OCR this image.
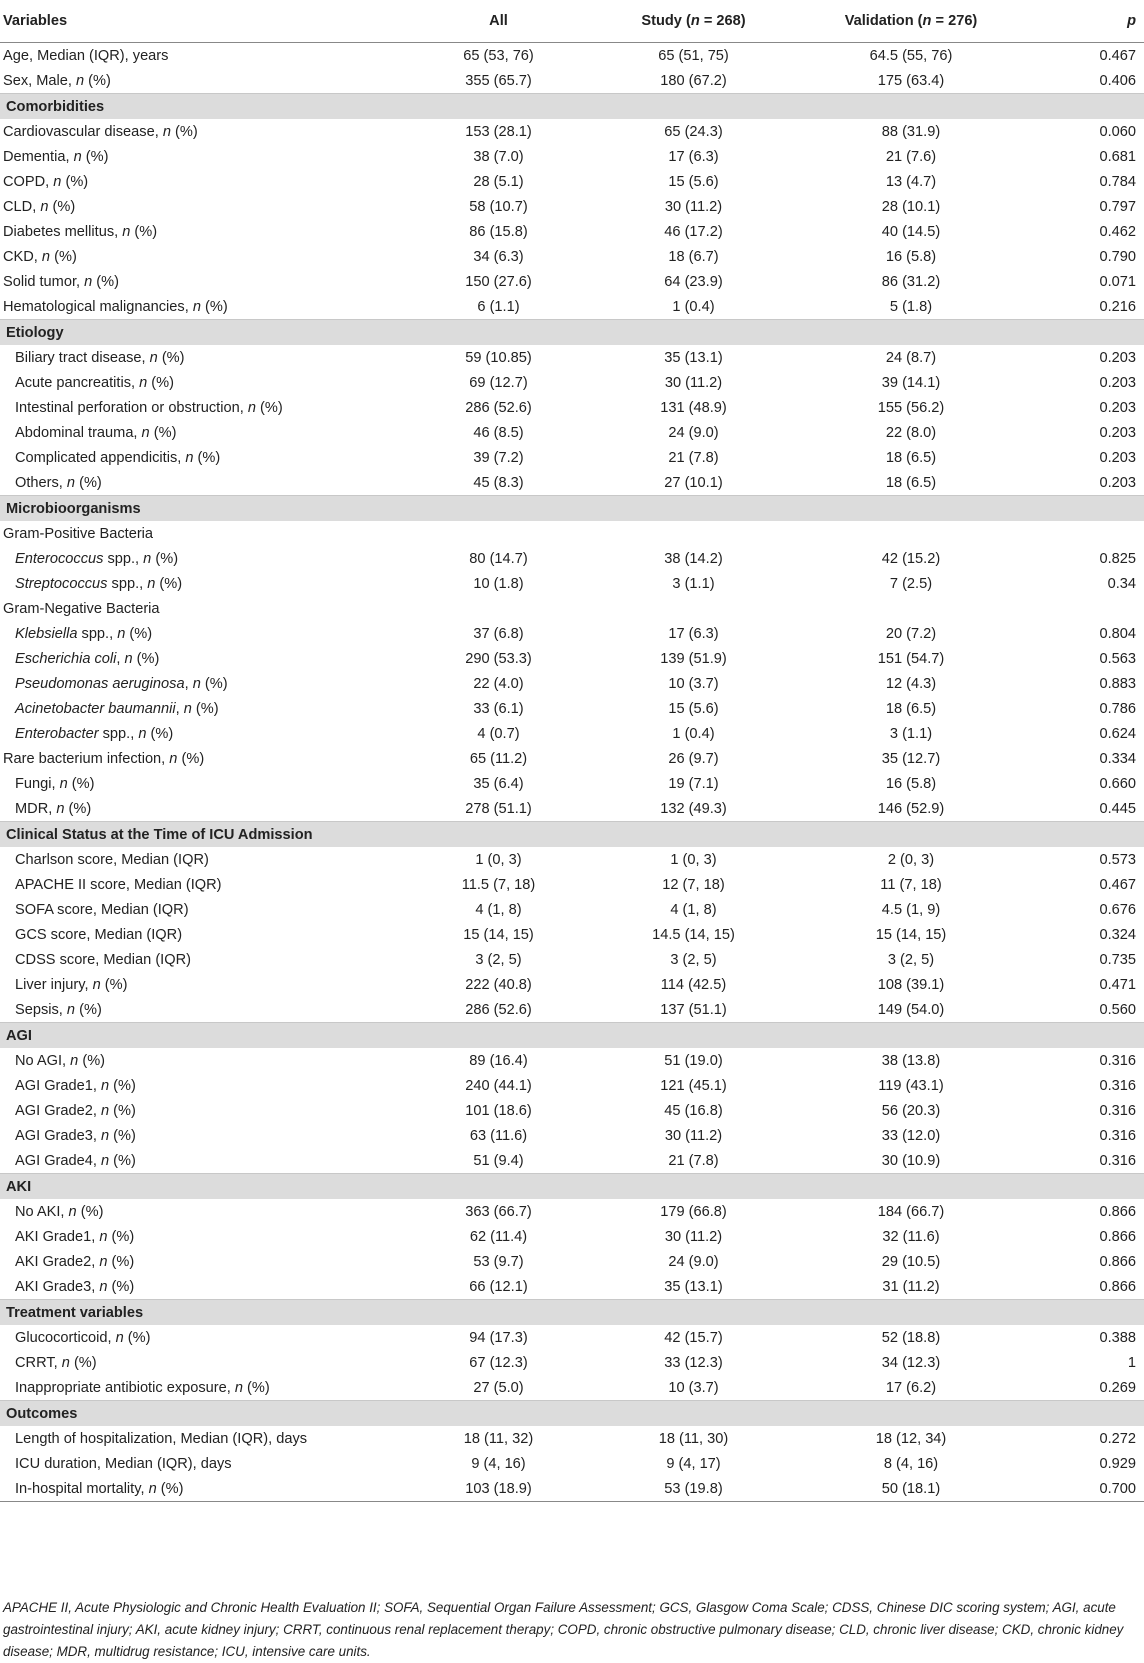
Variables	All	Study (n = 268)	Validation (n = 276)	p
Age, Median (IQR), years	65 (53, 76)	65 (51, 75)	64.5 (55, 76)	0.467
Sex, Male, n (%)	355 (65.7)	180 (67.2)	175 (63.4)	0.406
Comorbidities				
Cardiovascular disease, n (%)	153 (28.1)	65 (24.3)	88 (31.9)	0.060
Dementia, n (%)	38 (7.0)	17 (6.3)	21 (7.6)	0.681
COPD, n (%)	28 (5.1)	15 (5.6)	13 (4.7)	0.784
CLD, n (%)	58 (10.7)	30 (11.2)	28 (10.1)	0.797
Diabetes mellitus, n (%)	86 (15.8)	46 (17.2)	40 (14.5)	0.462
CKD, n (%)	34 (6.3)	18 (6.7)	16 (5.8)	0.790
Solid tumor, n (%)	150 (27.6)	64 (23.9)	86 (31.2)	0.071
Hematological malignancies, n (%)	6 (1.1)	1 (0.4)	5 (1.8)	0.216
Etiology				
Biliary tract disease, n (%)	59 (10.85)	35 (13.1)	24 (8.7)	0.203
Acute pancreatitis, n (%)	69 (12.7)	30 (11.2)	39 (14.1)	0.203
Intestinal perforation or obstruction, n (%)	286 (52.6)	131 (48.9)	155 (56.2)	0.203
Abdominal trauma, n (%)	46 (8.5)	24 (9.0)	22 (8.0)	0.203
Complicated appendicitis, n (%)	39 (7.2)	21 (7.8)	18 (6.5)	0.203
Others, n (%)	45 (8.3)	27 (10.1)	18 (6.5)	0.203
Microbioorganisms				
Gram-Positive Bacteria				
Enterococcus spp., n (%)	80 (14.7)	38 (14.2)	42 (15.2)	0.825
Streptococcus spp., n (%)	10 (1.8)	3 (1.1)	7 (2.5)	0.34
Gram-Negative Bacteria				
Klebsiella spp., n (%)	37 (6.8)	17 (6.3)	20 (7.2)	0.804
Escherichia coli, n (%)	290 (53.3)	139 (51.9)	151 (54.7)	0.563
Pseudomonas aeruginosa, n (%)	22 (4.0)	10 (3.7)	12 (4.3)	0.883
Acinetobacter baumannii, n (%)	33 (6.1)	15 (5.6)	18 (6.5)	0.786
Enterobacter spp., n (%)	4 (0.7)	1 (0.4)	3 (1.1)	0.624
Rare bacterium infection, n (%)	65 (11.2)	26 (9.7)	35 (12.7)	0.334
Fungi, n (%)	35 (6.4)	19 (7.1)	16 (5.8)	0.660
MDR, n (%)	278 (51.1)	132 (49.3)	146 (52.9)	0.445
Clinical Status at the Time of ICU Admission				
Charlson score, Median (IQR)	1 (0, 3)	1 (0, 3)	2 (0, 3)	0.573
APACHE II score, Median (IQR)	11.5 (7, 18)	12 (7, 18)	11 (7, 18)	0.467
SOFA score, Median (IQR)	4 (1, 8)	4 (1, 8)	4.5 (1, 9)	0.676
GCS score, Median (IQR)	15 (14, 15)	14.5 (14, 15)	15 (14, 15)	0.324
CDSS score, Median (IQR)	3 (2, 5)	3 (2, 5)	3 (2, 5)	0.735
Liver injury, n (%)	222 (40.8)	114 (42.5)	108 (39.1)	0.471
Sepsis, n (%)	286 (52.6)	137 (51.1)	149 (54.0)	0.560
AGI				
No AGI, n (%)	89 (16.4)	51 (19.0)	38 (13.8)	0.316
AGI Grade1, n (%)	240 (44.1)	121 (45.1)	119 (43.1)	0.316
AGI Grade2, n (%)	101 (18.6)	45 (16.8)	56 (20.3)	0.316
AGI Grade3, n (%)	63 (11.6)	30 (11.2)	33 (12.0)	0.316
AGI Grade4, n (%)	51 (9.4)	21 (7.8)	30 (10.9)	0.316
AKI				
No AKI, n (%)	363 (66.7)	179 (66.8)	184 (66.7)	0.866
AKI Grade1, n (%)	62 (11.4)	30 (11.2)	32 (11.6)	0.866
AKI Grade2, n (%)	53 (9.7)	24 (9.0)	29 (10.5)	0.866
AKI Grade3, n (%)	66 (12.1)	35 (13.1)	31 (11.2)	0.866
Treatment variables				
Glucocorticoid, n (%)	94 (17.3)	42 (15.7)	52 (18.8)	0.388
CRRT, n (%)	67 (12.3)	33 (12.3)	34 (12.3)	1
Inappropriate antibiotic exposure, n (%)	27 (5.0)	10 (3.7)	17 (6.2)	0.269
Outcomes				
Length of hospitalization, Median (IQR), days	18 (11, 32)	18 (11, 30)	18 (12, 34)	0.272
ICU duration, Median (IQR), days	9 (4, 16)	9 (4, 17)	8 (4, 16)	0.929
In-hospital mortality, n (%)	103 (18.9)	53 (19.8)	50 (18.1)	0.700
APACHE II, Acute Physiologic and Chronic Health Evaluation II; SOFA, Sequential Organ Failure Assessment; GCS, Glasgow Coma Scale; CDSS, Chinese DIC scoring system; AGI, acute gastrointestinal injury; AKI, acute kidney injury; CRRT, continuous renal replacement therapy; COPD, chronic obstructive pulmonary disease; CLD, chronic liver disease; CKD, chronic kidney disease; MDR, multidrug resistance; ICU, intensive care units.
